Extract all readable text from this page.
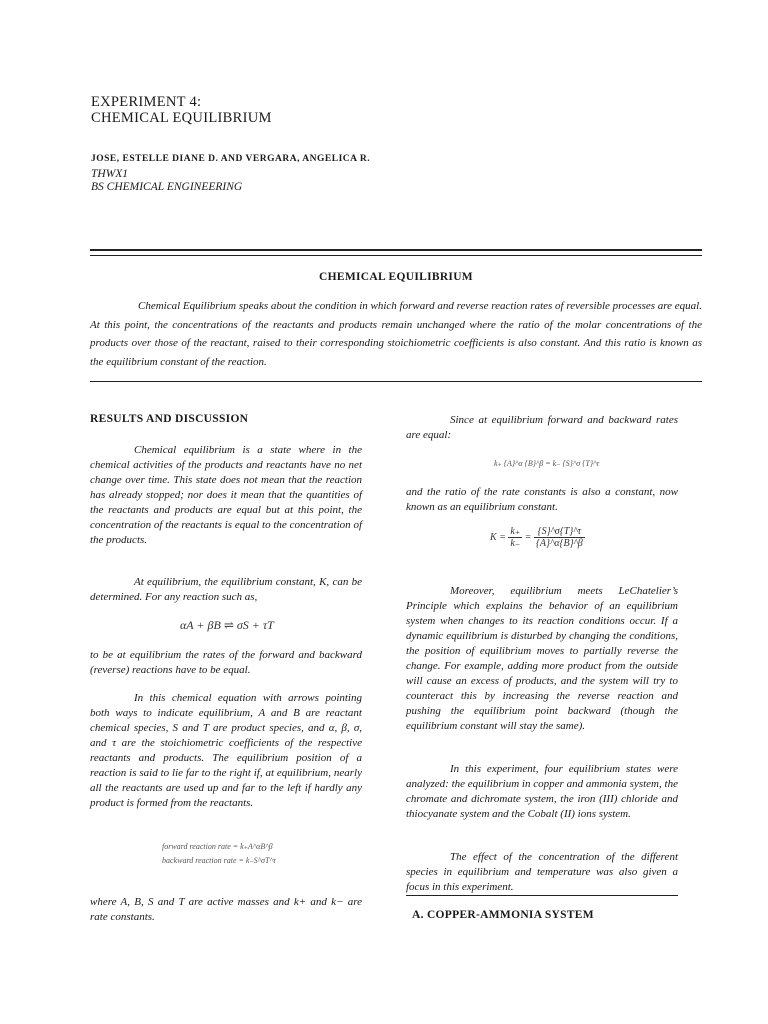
EXPERIMENT 4:
CHEMICAL EQUILIBRIUM
JOSE, ESTELLE DIANE D. AND VERGARA, ANGELICA R.
THWX1
BS CHEMICAL ENGINEERING
CHEMICAL EQUILIBRIUM

Chemical Equilibrium speaks about the condition in which forward and reverse reaction rates of reversible processes are equal. At this point, the concentrations of the reactants and products remain unchanged where the ratio of the molar concentrations of the products over those of the reactant, raised to their corresponding stoichiometric coefficients is also constant. And this ratio is known as the equilibrium constant of the reaction.

RESULTS AND DISCUSSION

Chemical equilibrium is a state where in the chemical activities of the products and reactants have no net change over time. This state does not mean that the reaction has already stopped; nor does it mean that the quantities of the reactants and products are equal but at this point, the concentration of the reactants is equal to the concentration of the products.

At equilibrium, the equilibrium constant, K, can be determined. For any reaction such as,

αA + βB ⇌ σS + τT

to be at equilibrium the rates of the forward and backward (reverse) reactions have to be equal.

In this chemical equation with arrows pointing both ways to indicate equilibrium, A and B are reactant chemical species, S and T are product species, and α, β, σ, and τ are the stoichiometric coefficients of the respective reactants and products. The equilibrium position of a reaction is said to lie far to the right if, at equilibrium, nearly all the reactants are used up and far to the left if hardly any product is formed from the reactants.

forward reaction rate = k₊A^αB^β
backward reaction rate = k₋S^σT^τ

where A, B, S and T are active masses and k+ and k− are rate constants.

Since at equilibrium forward and backward rates are equal:

k₊ {A}^α {B}^β = k₋ {S}^σ {T}^τ

and the ratio of the rate constants is also a constant, now known as an equilibrium constant.

$K = \frac{k_+}{k_-} = \frac{\{S\}\^{}\sigma\{T\}\^{}\tau}{\{A\}\^{}\alpha\{B\}\^{}\beta}$

Moreover, equilibrium meets LeChatelier’s Principle which explains the behavior of an equilibrium system when changes to its reaction conditions occur. If a dynamic equilibrium is disturbed by changing the conditions, the position of equilibrium moves to partially reverse the change. For example, adding more product from the outside will cause an excess of products, and the system will try to counteract this by increasing the reverse reaction and pushing the equilibrium point backward (though the equilibrium constant will stay the same).

In this experiment, four equilibrium states were analyzed: the equilibrium in copper and ammonia system, the chromate and dichromate system, the iron (III) chloride and thiocyanate system and the Cobalt (II) ions system.

The effect of the concentration of the different species in equilibrium and temperature was also given a focus in this experiment.

A. COPPER-AMMONIA SYSTEM
